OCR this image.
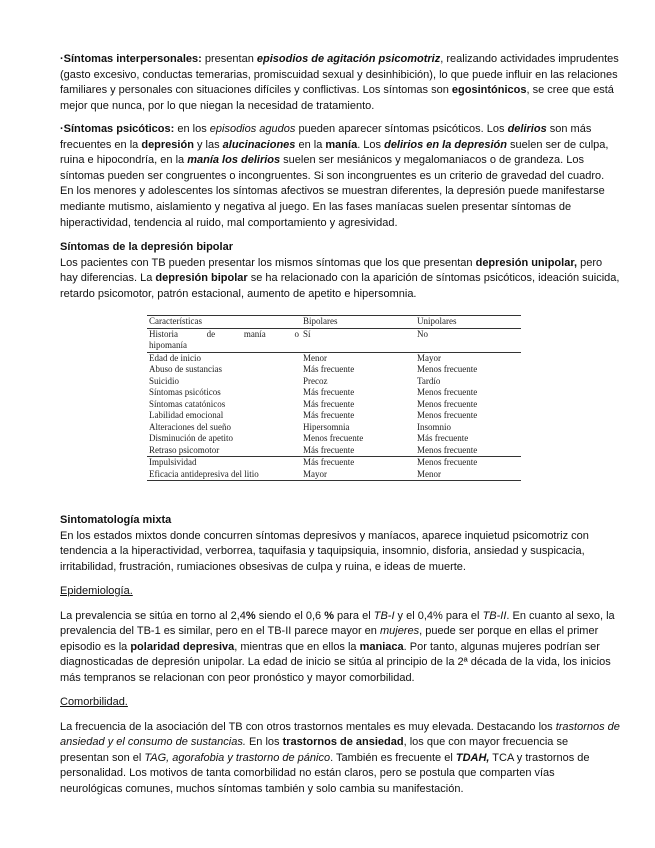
·Síntomas interpersonales: presentan episodios de agitación psicomotriz, realizando actividades imprudentes (gasto excesivo, conductas temerarias, promiscuidad sexual y desinhibición), lo que puede influir en las relaciones familiares y personales con situaciones difíciles y conflictivas. Los síntomas son egosintónicos, se cree que está mejor que nunca, por lo que niegan la necesidad de tratamiento.

·Síntomas psicóticos: en los episodios agudos pueden aparecer síntomas psicóticos. Los delirios son más frecuentes en la depresión y las alucinaciones en la manía. Los delirios en la depresión suelen ser de culpa, ruina e hipocondría, en la manía los delirios suelen ser mesiánicos y megalomaniacos o de grandeza. Los síntomas pueden ser congruentes o incongruentes. Si son incongruentes es un criterio de gravedad del cuadro. En los menores y adolescentes los síntomas afectivos se muestran diferentes, la depresión puede manifestarse mediante mutismo, aislamiento y negativa al juego. En las fases maníacas suelen presentar síntomas de hiperactividad, tendencia al ruido, mal comportamiento y agresividad.

Síntomas de la depresión bipolar
Los pacientes con TB pueden presentar los mismos síntomas que los que presentan depresión unipolar, pero hay diferencias. La depresión bipolar se ha relacionado con la aparición de síntomas psicóticos, ideación suicida, retardo psicomotor, patrón estacional, aumento de apetito e hipersomnia.
Características	Bipolares	Unipolares

Historia de manía o
hipomanía	Sí	No
Edad de inicio	Menor	Mayor
Abuso de sustancias	Más frecuente	Menos frecuente
Suicidio	Precoz	Tardío
Síntomas psicóticos	Más frecuente	Menos frecuente
Síntomas catatónicos	Más frecuente	Menos frecuente
Labilidad emocional	Más frecuente	Menos frecuente
Alteraciones del sueño	Hipersomnia	Insomnio
Disminución de apetito	Menos frecuente	Más frecuente
Retraso psicomotor	Más frecuente	Menos frecuente
Impulsividad	Más frecuente	Menos frecuente
Eficacia antidepresiva del litio	Mayor	Menor
Sintomatología mixta
En los estados mixtos donde concurren síntomas depresivos y maníacos, aparece inquietud psicomotriz con tendencia a la hiperactividad, verborrea, taquifasia y taquipsiquia, insomnio, disforia, ansiedad y suspicacia, irritabilidad, frustración, rumiaciones obsesivas de culpa y ruina, e ideas de muerte.
Epidemiología.
La prevalencia se sitúa en torno al 2,4% siendo el 0,6 % para el TB-I y el 0,4% para el TB-II. En cuanto al sexo, la prevalencia del TB-1 es similar, pero en el TB-II parece mayor en mujeres, puede ser porque en ellas el primer episodio es la polaridad depresiva, mientras que en ellos la maniaca. Por tanto, algunas mujeres podrían ser diagnosticadas de depresión unipolar. La edad de inicio se sitúa al principio de la 2ª década de la vida, los inicios más tempranos se relacionan con peor pronóstico y mayor comorbilidad.
Comorbilidad.
La frecuencia de la asociación del TB con otros trastornos mentales es muy elevada. Destacando los trastornos de ansiedad y el consumo de sustancias. En los trastornos de ansiedad, los que con mayor frecuencia se presentan son el TAG, agorafobia y trastorno de pánico. También es frecuente el TDAH, TCA y trastornos de personalidad. Los motivos de tanta comorbilidad no están claros, pero se postula que comparten vías neurológicas comunes, muchos síntomas también y solo cambia su manifestación.
